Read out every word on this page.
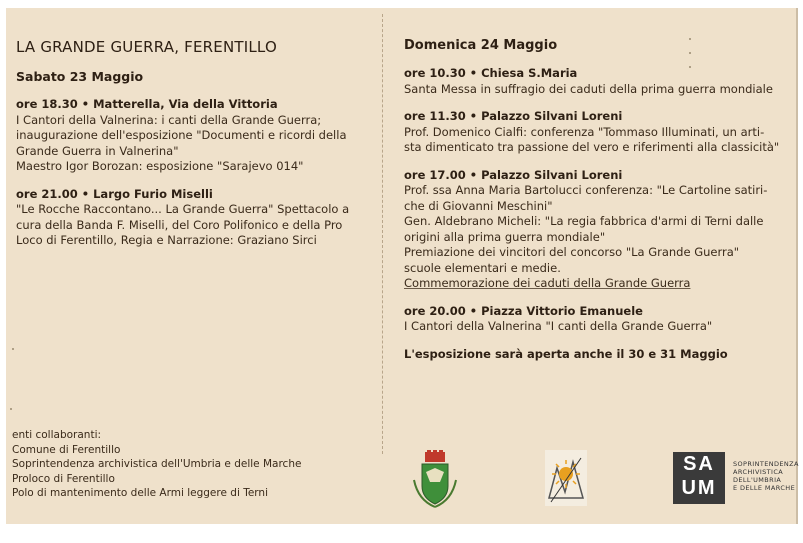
LA GRANDE GUERRA, FERENTILLO

Sabato 23 Maggio

ore 18.30 • Matterella, Via della Vittoria

I Cantori della Valnerina: i canti della Grande Guerra;

inaugurazione dell'esposizione "Documenti e ricordi della

Grande Guerra in Valnerina"

Maestro Igor Borozan: esposizione "Sarajevo 014"

ore 21.00 • Largo Furio Miselli

"Le Rocche Raccontano... La Grande Guerra" Spettacolo a

cura della Banda F. Miselli, del Coro Polifonico e della Pro

Loco di Ferentillo, Regia e Narrazione: Graziano Sirci

Domenica 24 Maggio

ore 10.30 • Chiesa S.Maria

Santa Messa in suffragio dei caduti della prima guerra mondiale

ore 11.30 • Palazzo Silvani Loreni

Prof. Domenico Cialfi: conferenza "Tommaso Illuminati, un arti-

sta dimenticato tra passione del vero e riferimenti alla classicità"

ore 17.00 • Palazzo Silvani Loreni

Prof. ssa Anna Maria Bartolucci conferenza: "Le Cartoline satiri-

che di Giovanni Meschini"

Gen. Aldebrano Micheli: "La regia fabbrica d'armi di Terni dalle

origini alla prima guerra mondiale"

Premiazione dei vincitori del concorso "La Grande Guerra"

scuole elementari e medie.

Commemorazione dei caduti della Grande Guerra

ore 20.00 • Piazza Vittorio Emanuele

I Cantori della Valnerina "I canti della Grande Guerra"

L'esposizione sarà aperta anche il 30 e 31 Maggio

enti collaboranti:

Comune di Ferentillo

Soprintendenza archivistica dell'Umbria e delle Marche

Proloco di Ferentillo

Polo di mantenimento delle Armi leggere di Terni

SA UM
SOPRINTENDENZA
ARCHIVISTICA
DELL'UMBRIA
E DELLE MARCHE
